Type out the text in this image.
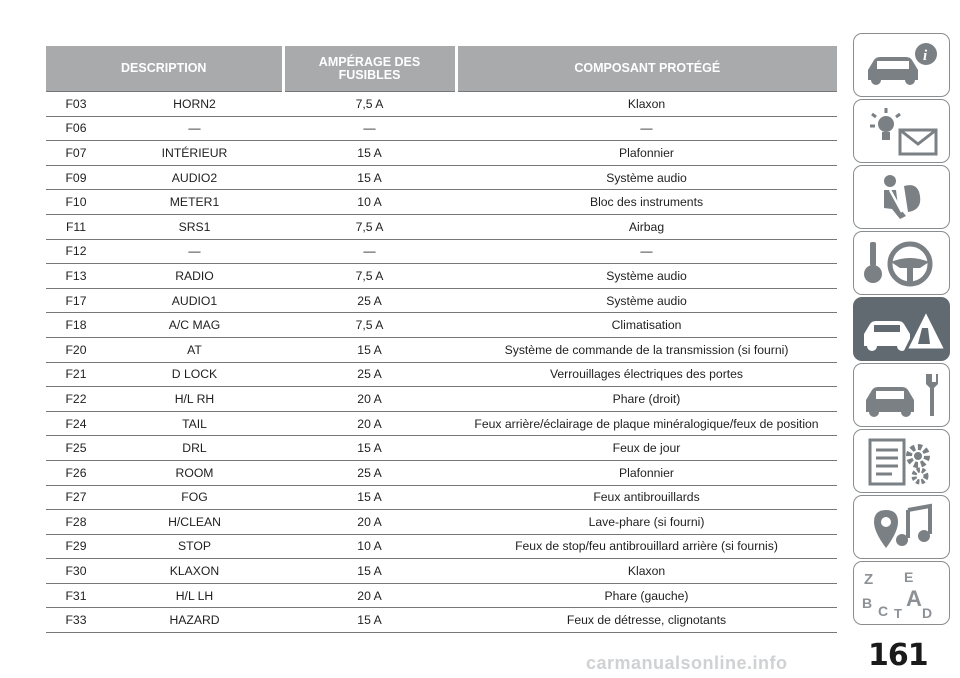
DESCRIPTION		AMPÉRAGE DES FUSIBLES	COMPOSANT PROTÉGÉ
F03	HORN2	7,5 A	Klaxon
F06	—	—	—
F07	INTÉRIEUR	15 A	Plafonnier
F09	AUDIO2	15 A	Système audio
F10	METER1	10 A	Bloc des instruments
F11	SRS1	7,5 A	Airbag
F12	—	—	—
F13	RADIO	7,5 A	Système audio
F17	AUDIO1	25 A	Système audio
F18	A/C MAG	7,5 A	Climatisation
F20	AT	15 A	Système de commande de la transmission (si fourni)
F21	D LOCK	25 A	Verrouillages électriques des portes
F22	H/L RH	20 A	Phare (droit)
F24	TAIL	20 A	Feux arrière/éclairage de plaque minéralogique/feux de position
F25	DRL	15 A	Feux de jour
F26	ROOM	25 A	Plafonnier
F27	FOG	15 A	Feux antibrouillards
F28	H/CLEAN	20 A	Lave-phare (si fourni)
F29	STOP	10 A	Feux de stop/feu antibrouillard arrière (si fournis)
F30	KLAXON	15 A	Klaxon
F31	H/L LH	20 A	Phare (gauche)
F33	HAZARD	15 A	Feux de détresse, clignotants
i
Z E
B A
C T D
161
carmanualsonline.info
